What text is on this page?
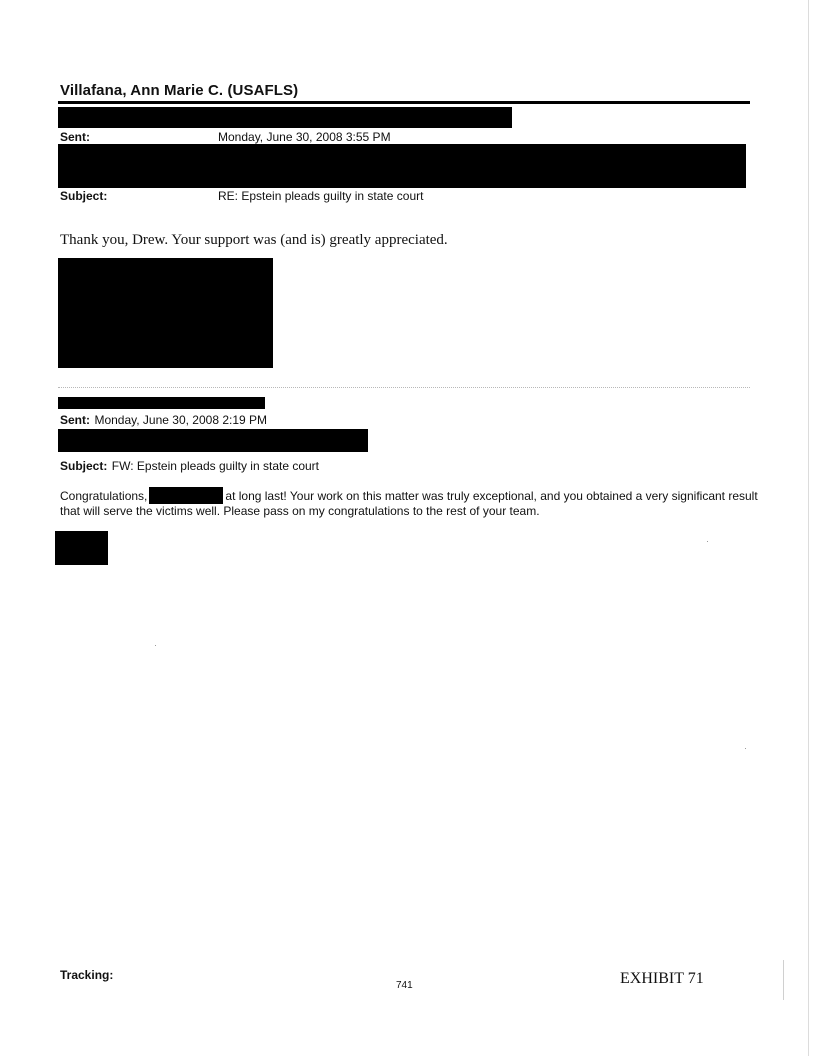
Villafana, Ann Marie C. (USAFLS)
Sent:	Monday, June 30, 2008 3:55 PM
Subject:	RE: Epstein pleads guilty in state court
Thank you, Drew. Your support was (and is) greatly appreciated.
Sent: Monday, June 30, 2008 2:19 PM
Subject: FW: Epstein pleads guilty in state court
Congratulations,	at long last! Your work on this matter was truly exceptional, and you obtained a very significant result that will serve the victims well. Please pass on my congratulations to the rest of your team.
Tracking:
741	EXHIBIT 71
